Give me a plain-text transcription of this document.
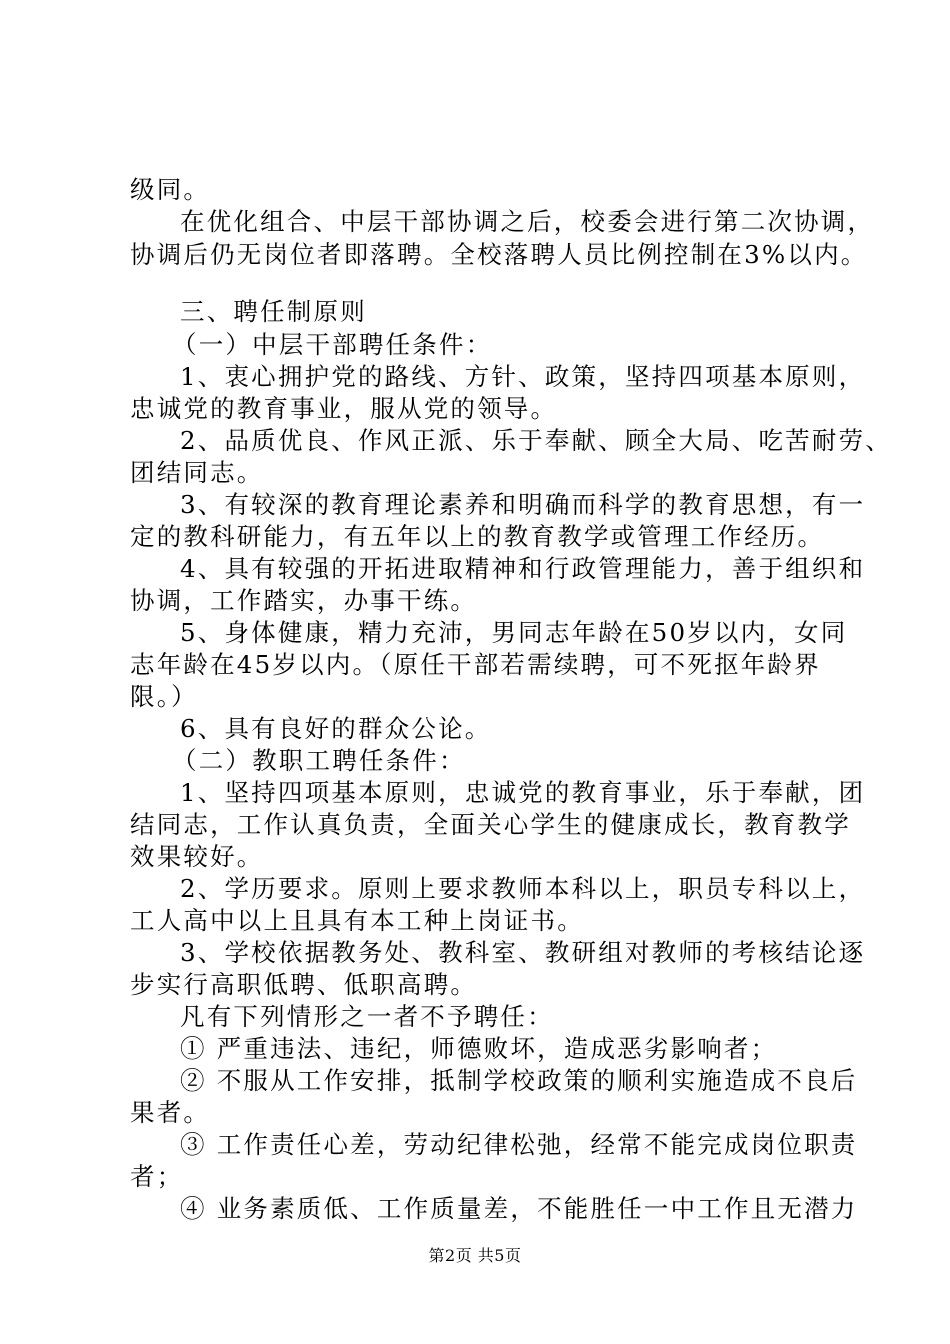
级同。
在优化组合、中层干部协调之后，校委会进行第二次协调，
协调后仍无岗位者即落聘。全校落聘人员比例控制在3%以内。
三、聘任制原则
（一）中层干部聘任条件：
1、衷心拥护党的路线、方针、政策，坚持四项基本原则，
忠诚党的教育事业，服从党的领导。
2、品质优良、作风正派、乐于奉献、顾全大局、吃苦耐劳、
团结同志。
3、有较深的教育理论素养和明确而科学的教育思想，有一
定的教科研能力，有五年以上的教育教学或管理工作经历。
4、具有较强的开拓进取精神和行政管理能力，善于组织和
协调，工作踏实，办事干练。
5、身体健康，精力充沛，男同志年龄在50岁以内，女同
志年龄在45岁以内。（原任干部若需续聘，可不死抠年龄界
限。）
6、具有良好的群众公论。
（二）教职工聘任条件：
1、坚持四项基本原则，忠诚党的教育事业，乐于奉献，团
结同志，工作认真负责，全面关心学生的健康成长，教育教学
效果较好。
2、学历要求。原则上要求教师本科以上，职员专科以上，
工人高中以上且具有本工种上岗证书。
3、学校依据教务处、教科室、教研组对教师的考核结论逐
步实行高职低聘、低职高聘。
凡有下列情形之一者不予聘任：
① 严重违法、违纪，师德败坏，造成恶劣影响者；
② 不服从工作安排，抵制学校政策的顺利实施造成不良后
果者。
③ 工作责任心差，劳动纪律松弛，经常不能完成岗位职责
者；
④ 业务素质低、工作质量差，不能胜任一中工作且无潜力
第2页 共5页
